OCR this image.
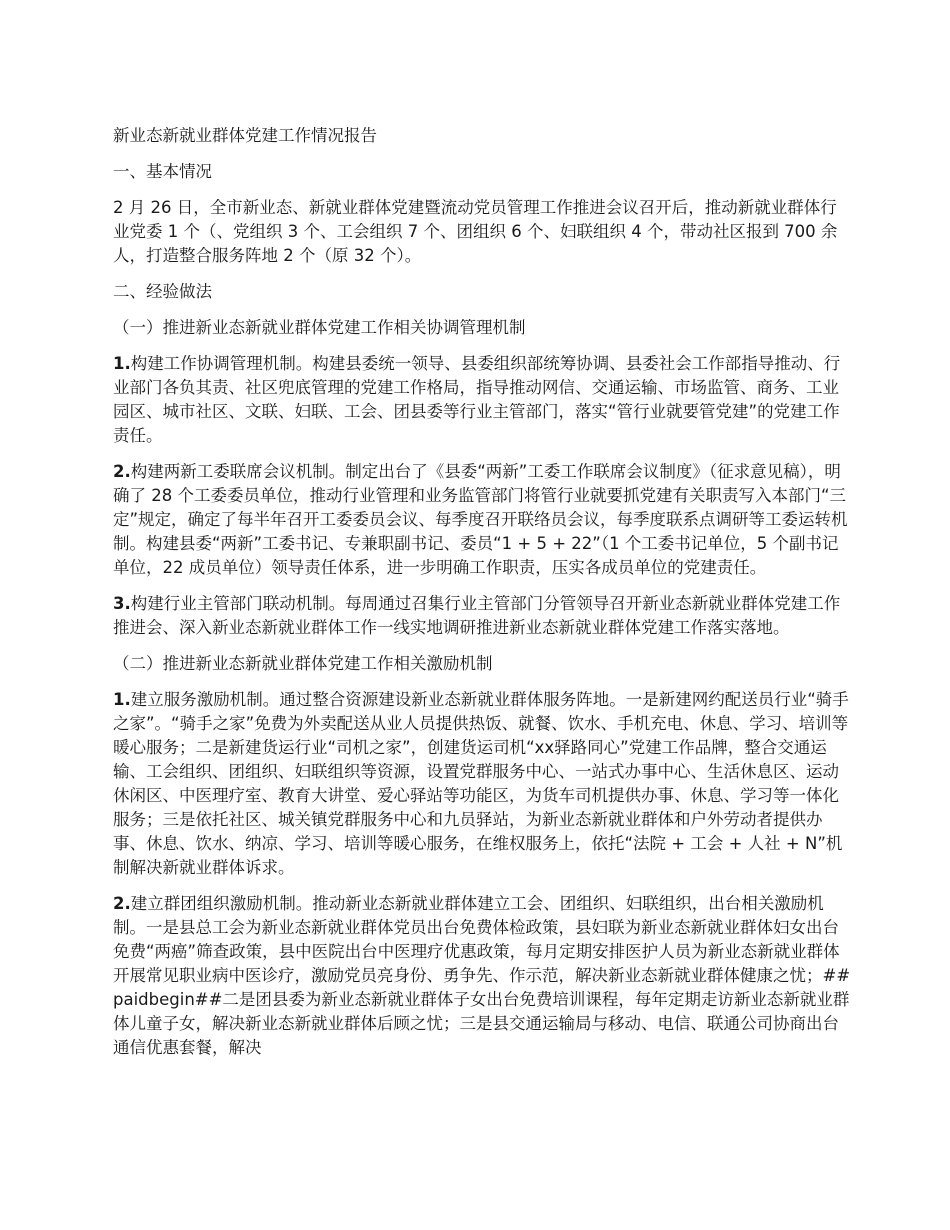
新业态新就业群体党建工作情况报告

一、基本情况

2 月 26 日，全市新业态、新就业群体党建暨流动党员管理工作推进会议召开后，推动新就业群体行业党委 1 个（、党组织 3 个、工会组织 7 个、团组织 6 个、妇联组织 4 个，带动社区报到 700 余人，打造整合服务阵地 2 个（原 32 个）。

二、经验做法

（一）推进新业态新就业群体党建工作相关协调管理机制

1.构建工作协调管理机制。构建县委统一领导、县委组织部统筹协调、县委社会工作部指导推动、行业部门各负其责、社区兜底管理的党建工作格局，指导推动网信、交通运输、市场监管、商务、工业园区、城市社区、文联、妇联、工会、团县委等行业主管部门，落实“管行业就要管党建”的党建工作责任。

2.构建两新工委联席会议机制。制定出台了《县委“两新”工委工作联席会议制度》（征求意见稿），明确了 28 个工委委员单位，推动行业管理和业务监管部门将管行业就要抓党建有关职责写入本部门“三定”规定，确定了每半年召开工委委员会议、每季度召开联络员会议，每季度联系点调研等工委运转机制。构建县委“两新”工委书记、专兼职副书记、委员“1 + 5 + 22”（1 个工委书记单位，5 个副书记单位，22 成员单位）领导责任体系，进一步明确工作职责，压实各成员单位的党建责任。

3.构建行业主管部门联动机制。每周通过召集行业主管部门分管领导召开新业态新就业群体党建工作推进会、深入新业态新就业群体工作一线实地调研推进新业态新就业群体党建工作落实落地。

（二）推进新业态新就业群体党建工作相关激励机制

1.建立服务激励机制。通过整合资源建设新业态新就业群体服务阵地。一是新建网约配送员行业“骑手之家”。“骑手之家”免费为外卖配送从业人员提供热饭、就餐、饮水、手机充电、休息、学习、培训等暖心服务；二是新建货运行业“司机之家”，创建货运司机“xx驿路同心”党建工作品牌，整合交通运输、工会组织、团组织、妇联组织等资源，设置党群服务中心、一站式办事中心、生活休息区、运动休闲区、中医理疗室、教育大讲堂、爱心驿站等功能区，为货车司机提供办事、休息、学习等一体化服务；三是依托社区、城关镇党群服务中心和九员驿站，为新业态新就业群体和户外劳动者提供办事、休息、饮水、纳凉、学习、培训等暖心服务，在维权服务上，依托“法院 + 工会 + 人社 + N”机制解决新就业群体诉求。

2.建立群团组织激励机制。推动新业态新就业群体建立工会、团组织、妇联组织，出台相关激励机制。一是县总工会为新业态新就业群体党员出台免费体检政策，县妇联为新业态新就业群体妇女出台免费“两癌”筛查政策，县中医院出台中医理疗优惠政策，每月定期安排医护人员为新业态新就业群体开展常见职业病中医诊疗，激励党员亮身份、勇争先、作示范，解决新业态新就业群体健康之忧；##paidbegin##二是团县委为新业态新就业群体子女出台免费培训课程，每年定期走访新业态新就业群体儿童子女，解决新业态新就业群体后顾之忧；三是县交通运输局与移动、电信、联通公司协商出台通信优惠套餐，解决
